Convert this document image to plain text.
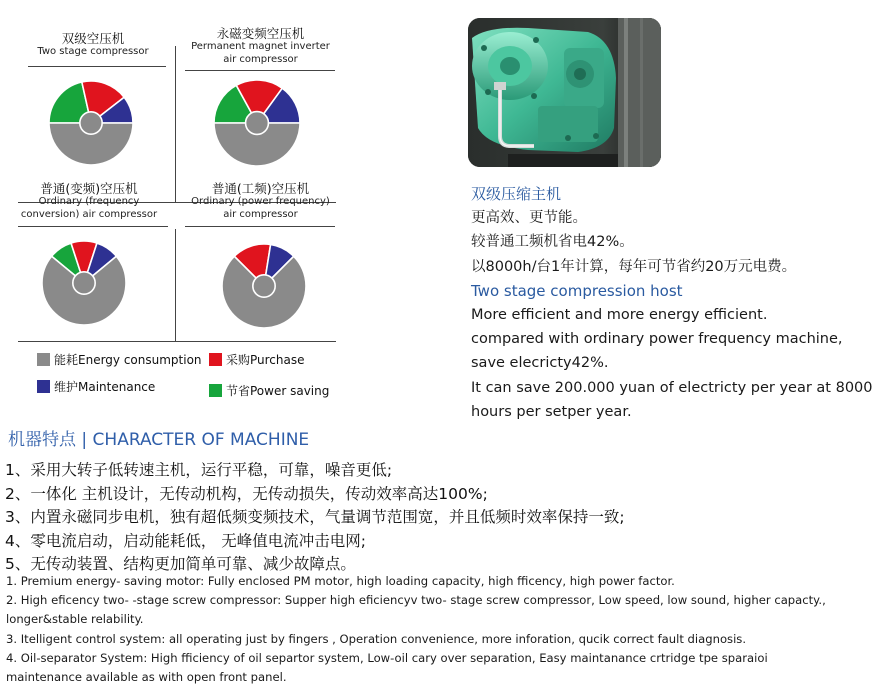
双级空压机
Two stage compressor
永磁变频空压机
Permanent magnet inverter
air compressor
普通(变频)空压机
Ordinary (frequency
conversion) air compressor
普通(工频)空压机
Ordinary (power frequency)
air compressor
能耗Energy consumption 采购Purchase
维护Maintenance	节省Power saving
双级压缩主机
更高效、更节能。
较普通工频机省电42%。
以8000h/台1年计算，每年可节省约20万元电费。
Two stage compression host
More efficient and more energy efficient.
compared with ordinary power frequency machine,
save elecricty42%.
It can save 200.000 yuan of electricty per year at 8000
hours per setper year.
机器特点 | CHARACTER OF MACHINE
1、采用大转子低转速主机，运行平稳，可靠，噪音更低;
2、一体化 主机设计，无传动机构，无传动损失，传动效率高达100%;
3、内置永磁同步电机，独有超低频变频技术，气量调节范围宽，并且低频时效率保持一致;
4、零电流启动，启动能耗低， 无峰值电流冲击电网;
5、无传动装置、结构更加简单可靠、减少故障点。
1. Premium energy- saving motor: Fully enclosed PM motor, high loading capacity, high fficency, high power factor.
2. High eficency two- -stage screw compressor: Supper high eficiencyv two- stage screw compressor, Low speed, low sound, higher capacty.,
longer&stable relability.
3. Itelligent control system: all operating just by fingers , Operation convenience, more inforation, qucik correct fault diagnosis.
4. Oil-separator System: High fficiency of oil separtor system, Low-oil cary over separation, Easy maintanance crtridge tpe sparaioi
maintenance available as with open front panel.
